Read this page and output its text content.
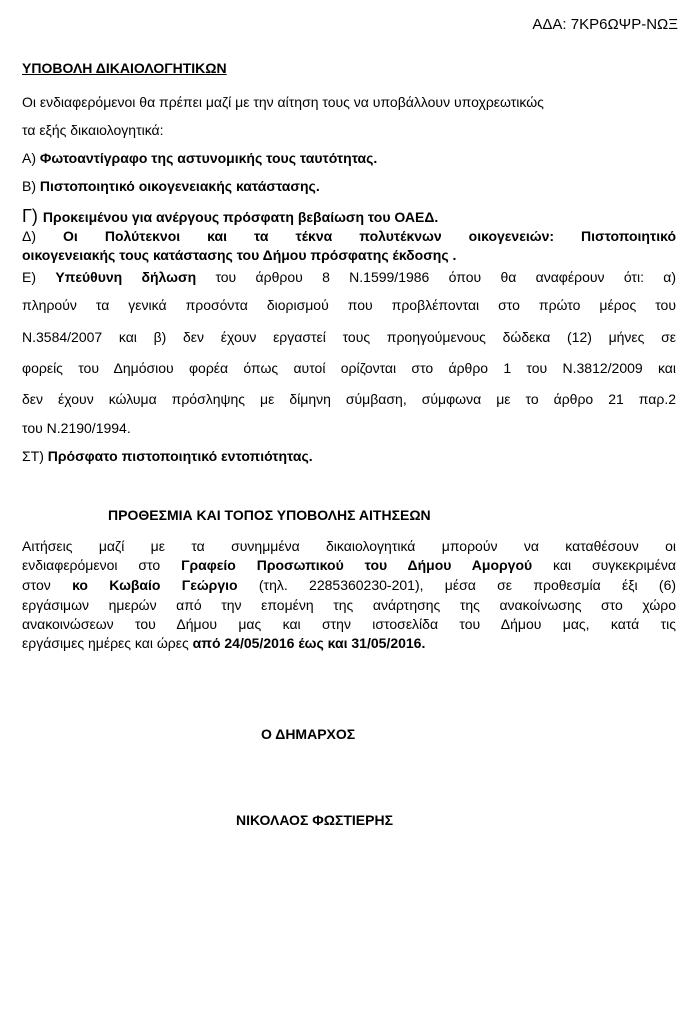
ΑΔΑ: 7ΚΡ6ΩΨΡ-ΝΩΞ
ΥΠΟΒΟΛΗ ΔΙΚΑΙΟΛΟΓΗΤΙΚΩΝ
Οι ενδιαφερόμενοι θα πρέπει μαζί με την αίτηση τους να υποβάλλουν υποχρεωτικώς
τα εξής δικαιολογητικά:
Α) Φωτοαντίγραφο της αστυνομικής τους ταυτότητας.
Β) Πιστοποιητικό οικογενειακής κατάστασης.
Γ) Προκειμένου για ανέργους πρόσφατη βεβαίωση του ΟΑΕΔ.
Δ) Οι Πολύτεκνοι και τα τέκνα πολυτέκνων οικογενειών: Πιστοποιητικό
οικογενειακής τους κατάστασης του Δήμου πρόσφατης έκδοσης .
Ε) Υπεύθυνη δήλωση του άρθρου 8 Ν.1599/1986 όπου θα αναφέρουν ότι: α)
πληρούν τα γενικά προσόντα διορισμού που προβλέπονται στο πρώτο μέρος του
Ν.3584/2007 και β) δεν έχουν εργαστεί τους προηγούμενους δώδεκα (12) μήνες σε
φορείς του Δημόσιου φορέα όπως αυτοί ορίζονται στο άρθρο 1 του Ν.3812/2009 και
δεν έχουν κώλυμα πρόσληψης με δίμηνη σύμβαση, σύμφωνα με το άρθρο 21 παρ.2
του Ν.2190/1994.
ΣΤ) Πρόσφατο πιστοποιητικό εντοπιότητας.
ΠΡΟΘΕΣΜΙΑ ΚΑΙ ΤΟΠΟΣ ΥΠΟΒΟΛΗΣ ΑΙΤΗΣΕΩΝ
Αιτήσεις μαζί με τα συνημμένα δικαιολογητικά μπορούν να καταθέσουν οι
ενδιαφερόμενοι στο Γραφείο Προσωπικού του Δήμου Αμοργού και συγκεκριμένα
στον κο Κωβαίο Γεώργιο (τηλ. 2285360230-201), μέσα σε προθεσμία έξι (6)
εργάσιμων ημερών από την επομένη της ανάρτησης της ανακοίνωσης στο χώρο
ανακοινώσεων του Δήμου μας και στην ιστοσελίδα του Δήμου μας, κατά τις
εργάσιμες ημέρες και ώρες από 24/05/2016 έως και 31/05/2016.
Ο ΔΗΜΑΡΧΟΣ
ΝΙΚΟΛΑΟΣ ΦΩΣΤΙΕΡΗΣ
